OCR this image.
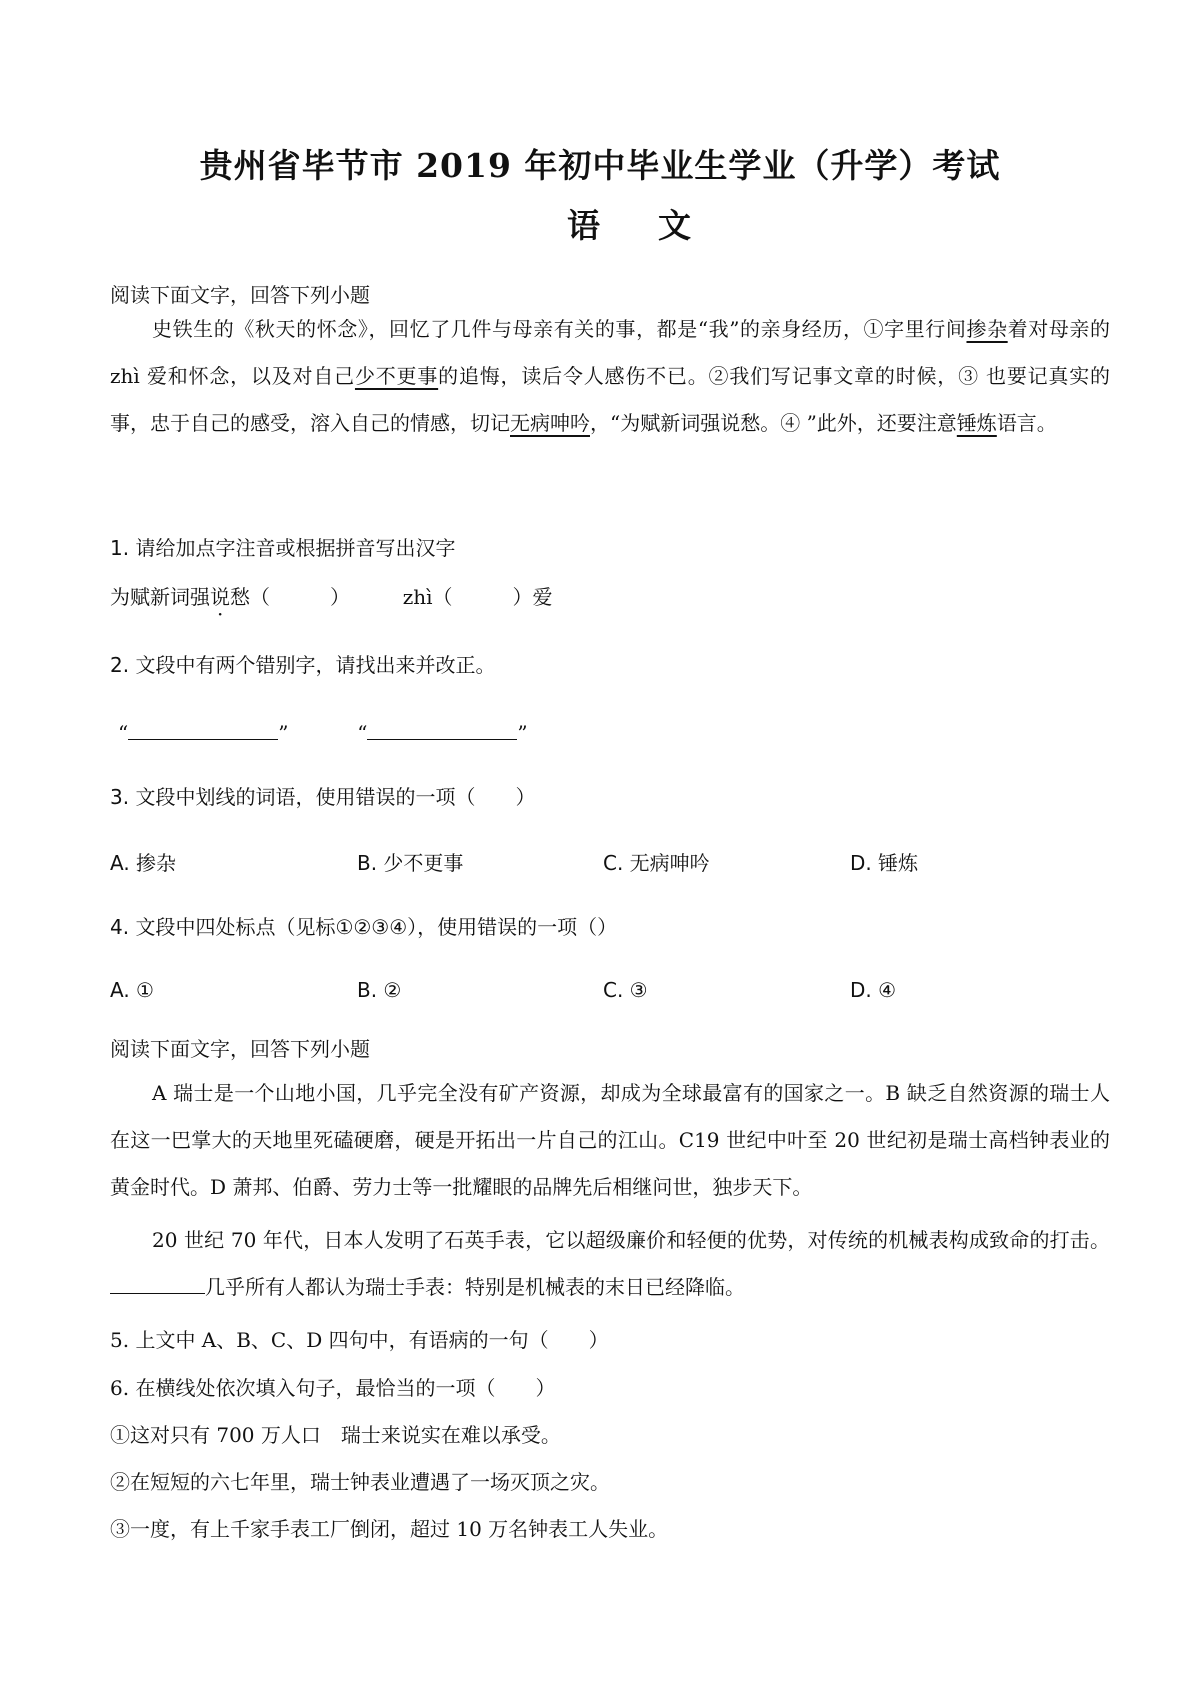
贵州省毕节市 2019 年初中毕业生学业（升学）考试
语文
阅读下面文字，回答下列小题
史铁生的《秋天的怀念》，回忆了几件与母亲有关的事，都是“我”的亲身经历，①字里行间掺杂着对母亲的 zhì 爱和怀念，以及对自己少不更事的追悔，读后令人感伤不已。②我们写记事文章的时候，③ 也要记真实的事，忠于自己的感受，溶入自己的情感，切记无病呻吟，“为赋新词强说愁。④ ”此外，还要注意锤炼语言。
1. 请给加点字注音或根据拼音写出汉字
为赋新词强说愁（　　　）	zhì（　　　）爱
2. 文段中有两个错别字，请找出来并改正。
“	”	“	”
3. 文段中划线的词语，使用错误的一项（　　）
A. 掺杂	B. 少不更事	C. 无病呻吟	D. 锤炼
4. 文段中四处标点（见标①②③④），使用错误的一项（）
A. ①	B. ②	C. ③	D. ④
阅读下面文字，回答下列小题
A 瑞士是一个山地小国，几乎完全没有矿产资源，却成为全球最富有的国家之一。B 缺乏自然资源的瑞士人在这一巴掌大的天地里死磕硬磨，硬是开拓出一片自己的江山。C19 世纪中叶至 20 世纪初是瑞士高档钟表业的黄金时代。D 萧邦、伯爵、劳力士等一批耀眼的品牌先后相继问世，独步天下。
20 世纪 70 年代，日本人发明了石英手表，它以超级廉价和轻便的优势，对传统的机械表构成致命的打击。几乎所有人都认为瑞士手表：特别是机械表的末日已经降临。
5. 上文中 A、B、C、D 四句中，有语病的一句（　　）
6. 在横线处依次填入句子，最恰当的一项（　　）
①这对只有 700 万人口　瑞士来说实在难以承受。
②在短短的六七年里，瑞士钟表业遭遇了一场灭顶之灾。
③一度，有上千家手表工厂倒闭，超过 10 万名钟表工人失业。
